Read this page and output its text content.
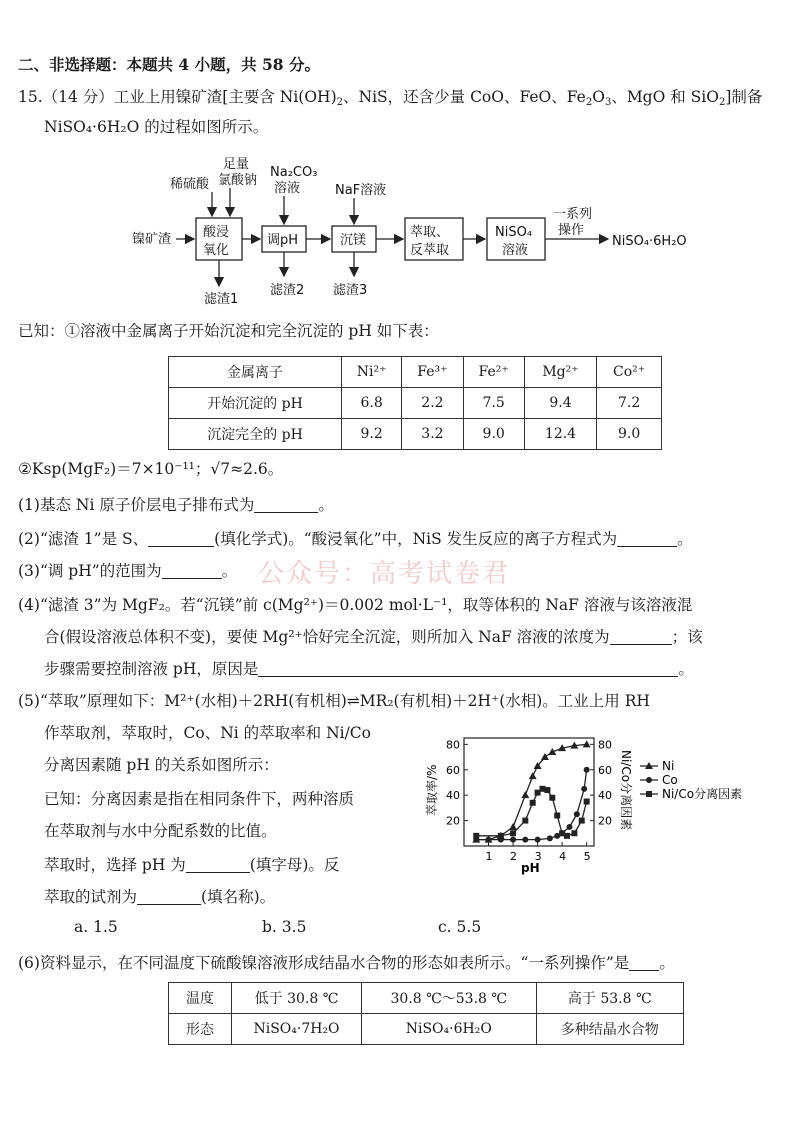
二、非选择题：本题共 4 小题，共 58 分。
15.（14 分）工业上用镍矿渣[主要含 $Ni(OH)_2$、NiS，还含少量 CoO、FeO、$Fe_2O_3$、MgO 和 SiO$_2$]制备
NiSO₄·6H₂O 的过程如图所示。
镍矿渣
稀硫酸
足量
氯酸钠
Na₂CO₃
溶液	NaF溶液
滤渣1
滤渣2 滤渣3
一系列
操作
NiSO₄·6H₂O
酸浸
氧化
调pH	沉镁
萃取、
反萃取
NiSO₄
溶液
已知：①溶液中金属离子开始沉淀和完全沉淀的 pH 如下表：
金属离子	Ni²⁺	Fe³⁺	Fe²⁺	Mg²⁺	Co²⁺
开始沉淀的 pH	6.8	2.2	7.5	9.4	7.2
沉淀完全的 pH	9.2	3.2	9.0	12.4	9.0
②Ksp(MgF₂)＝7×10⁻¹¹；√7≈2.6。
(1)基态 Ni 原子价层电子排布式为	。
(2)“滤渣 1”是 S、	(填化学式)。“酸浸氧化”中，NiS 发生反应的离子方程式为	。
公众号：高考试卷君
(3)“调 pH”的范围为	。
(4)“滤渣 3”为 MgF₂。若“沉镁”前 c(Mg²⁺)＝0.002 mol·L⁻¹，取等体积的 NaF 溶液与该溶液混
合(假设溶液总体积不变)，要使 Mg²⁺恰好完全沉淀，则所加入 NaF 溶液的浓度为	；该
步骤需要控制溶液 pH，原因是	。
(5)“萃取”原理如下：M²⁺(水相)＋2RH(有机相)⇌MR₂(有机相)＋2H⁺(水相)。工业上用 RH
作萃取剂，萃取时，Co、Ni 的萃取率和 Ni/Co
分离因素随 pH 的关系如图所示：
已知：分离因素是指在相同条件下，两种溶质
在萃取剂与水中分配系数的比值。
萃取时，选择 pH 为	(填字母)。反
萃取的试剂为	(填名称)。
a. 1.5	b. 3.5	c. 5.5
1 2 3 4 5
20
40
60
80
20
40
60
80
pH
萃取率/%	Ni/Co分离因素 Ni
Co
Ni/Co分离因素
(6)资料显示，在不同温度下硫酸镍溶液形成结晶水合物的形态如表所示。“一系列操作”是 。
温度	低于 30.8 ℃	30.8 ℃～53.8 ℃	高于 53.8 ℃
形态	NiSO₄·7H₂O	NiSO₄·6H₂O	多种结晶水合物
